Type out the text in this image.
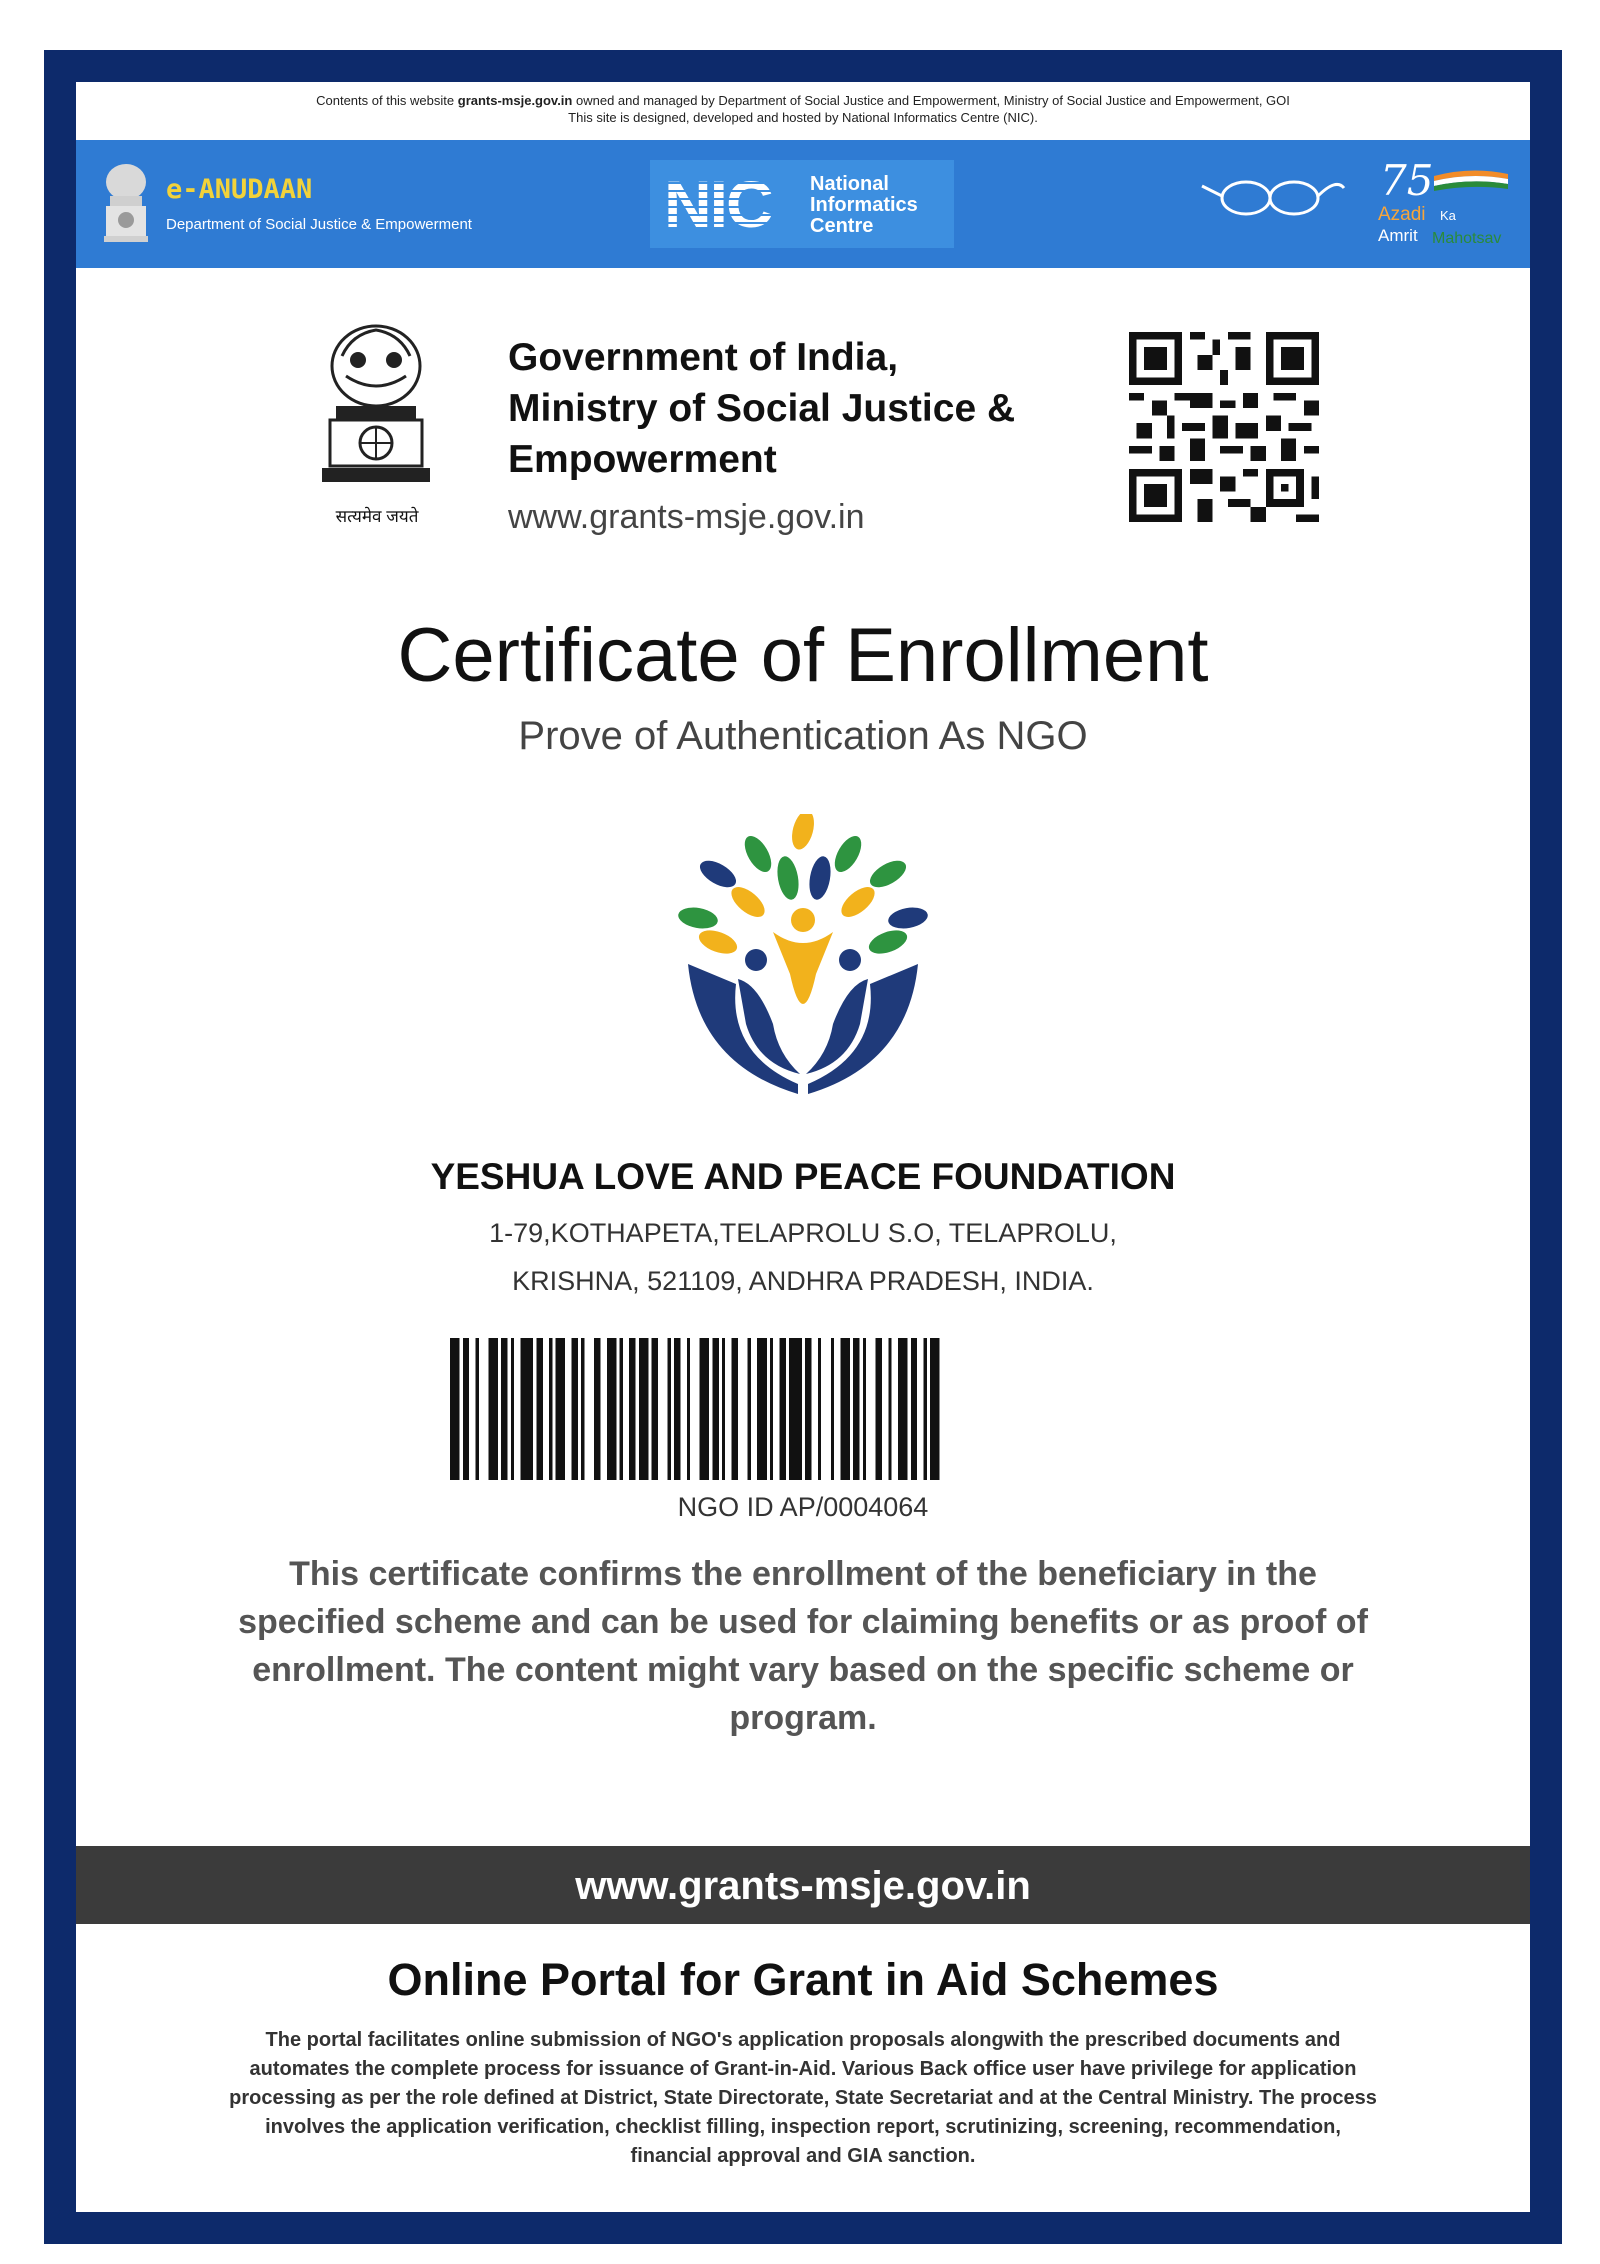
Contents of this website grants-msje.gov.in owned and managed by Department of Social Justice and Empowerment, Ministry of Social Justice and Empowerment, GOI
This site is designed, developed and hosted by National Informatics Centre (NIC).
e-ANUDAAN
Department of Social Justice & Empowerment	NIC National
Informatics
Centre
75
Azadi Ka
Amrit Mahotsav
सत्यमेव जयते
Government of India,
Ministry of Social Justice &
Empowerment
www.grants-msje.gov.in
Certificate of Enrollment
Prove of Authentication As NGO
YESHUA LOVE AND PEACE FOUNDATION
1-79,KOTHAPETA,TELAPROLU S.O, TELAPROLU,
KRISHNA, 521109, ANDHRA PRADESH, INDIA.
NGO ID AP/0004064
This certificate confirms the enrollment of the beneficiary in the specified scheme and can be used for claiming benefits or as proof of enrollment. The content might vary based on the specific scheme or program.
www.grants-msje.gov.in
Online Portal for Grant in Aid Schemes
The portal facilitates online submission of NGO's application proposals alongwith the prescribed documents and automates the complete process for issuance of Grant-in-Aid. Various Back office user have privilege for application processing as per the role defined at District, State Directorate, State Secretariat and at the Central Ministry. The process involves the application verification, checklist filling, inspection report, scrutinizing, screening, recommendation, financial approval and GIA sanction.
